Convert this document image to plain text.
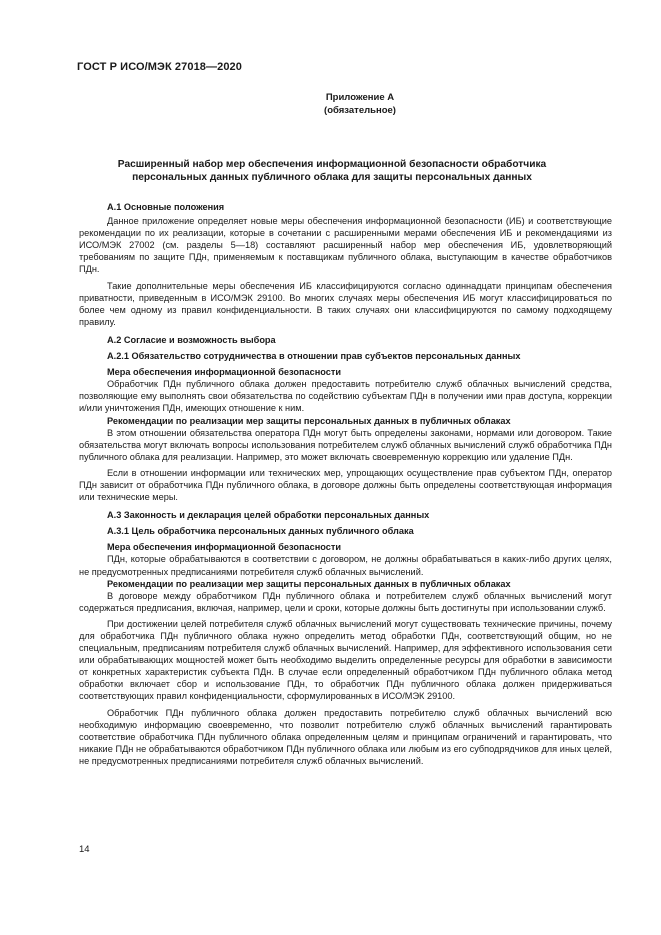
ГОСТ Р ИСО/МЭК 27018—2020
Приложение А
(обязательное)
Расширенный набор мер обеспечения информационной безопасности обработчика
персональных данных публичного облака для защиты персональных данных
А.1 Основные положения

Данное приложение определяет новые меры обеспечения информационной безопасности (ИБ) и соответствующие рекомендации по их реализации, которые в сочетании с расширенными мерами обеспечения ИБ и рекомендациями из ИСО/МЭК 27002 (см. разделы 5—18) составляют расширенный набор мер обеспечения ИБ, удовлетворяющий требованиям по защите ПДн, применяемым к поставщикам публичного облака, выступающим в качестве обработчиков ПДн.

Такие дополнительные меры обеспечения ИБ классифицируются согласно одиннадцати принципам обеспечения приватности, приведенным в ИСО/МЭК 29100. Во многих случаях меры обеспечения ИБ могут классифицироваться по более чем одному из правил конфиденциальности. В таких случаях они классифицируются по самому подходящему правилу.

А.2 Согласие и возможность выбора
А.2.1 Обязательство сотрудничества в отношении прав субъектов персональных данных
Мера обеспечения информационной безопасности

Обработчик ПДн публичного облака должен предоставить потребителю служб облачных вычислений средства, позволяющие ему выполнять свои обязательства по содействию субъектам ПДн в получении ими прав доступа, коррекции и/или уничтожения ПДн, имеющих отношение к ним.

Рекомендации по реализации мер защиты персональных данных в публичных облаках

В этом отношении обязательства оператора ПДн могут быть определены законами, нормами или договором. Такие обязательства могут включать вопросы использования потребителем служб облачных вычислений служб обработчика ПДн публичного облака для реализации. Например, это может включать своевременную коррекцию или удаление ПДн.

Если в отношении информации или технических мер, упрощающих осуществление прав субъектом ПДн, оператор ПДн зависит от обработчика ПДн публичного облака, в договоре должны быть определены соответствующая информация или технические меры.

А.3 Законность и декларация целей обработки персональных данных
А.3.1 Цель обработчика персональных данных публичного облака
Мера обеспечения информационной безопасности

ПДн, которые обрабатываются в соответствии с договором, не должны обрабатываться в каких-либо других целях, не предусмотренных предписаниями потребителя служб облачных вычислений.

Рекомендации по реализации мер защиты персональных данных в публичных облаках

В договоре между обработчиком ПДн публичного облака и потребителем служб облачных вычислений могут содержаться предписания, включая, например, цели и сроки, которые должны быть достигнуты при использовании служб.

При достижении целей потребителя служб облачных вычислений могут существовать технические причины, почему для обработчика ПДн публичного облака нужно определить метод обработки ПДн, соответствующий общим, но не специальным, предписаниям потребителя служб облачных вычислений. Например, для эффективного использования сети или обрабатывающих мощностей может быть необходимо выделить определенные ресурсы для обработки в зависимости от конкретных характеристик субъекта ПДн. В случае если определенный обработчиком ПДн публичного облака метод обработки включает сбор и использование ПДн, то обработчик ПДн публичного облака должен придерживаться соответствующих правил конфиденциальности, сформулированных в ИСО/МЭК 29100.

Обработчик ПДн публичного облака должен предоставить потребителю служб облачных вычислений всю необходимую информацию своевременно, что позволит потребителю служб облачных вычислений гарантировать соответствие обработчика ПДн публичного облака определенным целям и принципам ограничений и гарантировать, что никакие ПДн не обрабатываются обработчиком ПДн публичного облака или любым из его субподрядчиков для иных целей, не предусмотренных предписаниями потребителя служб облачных вычислений.

14
